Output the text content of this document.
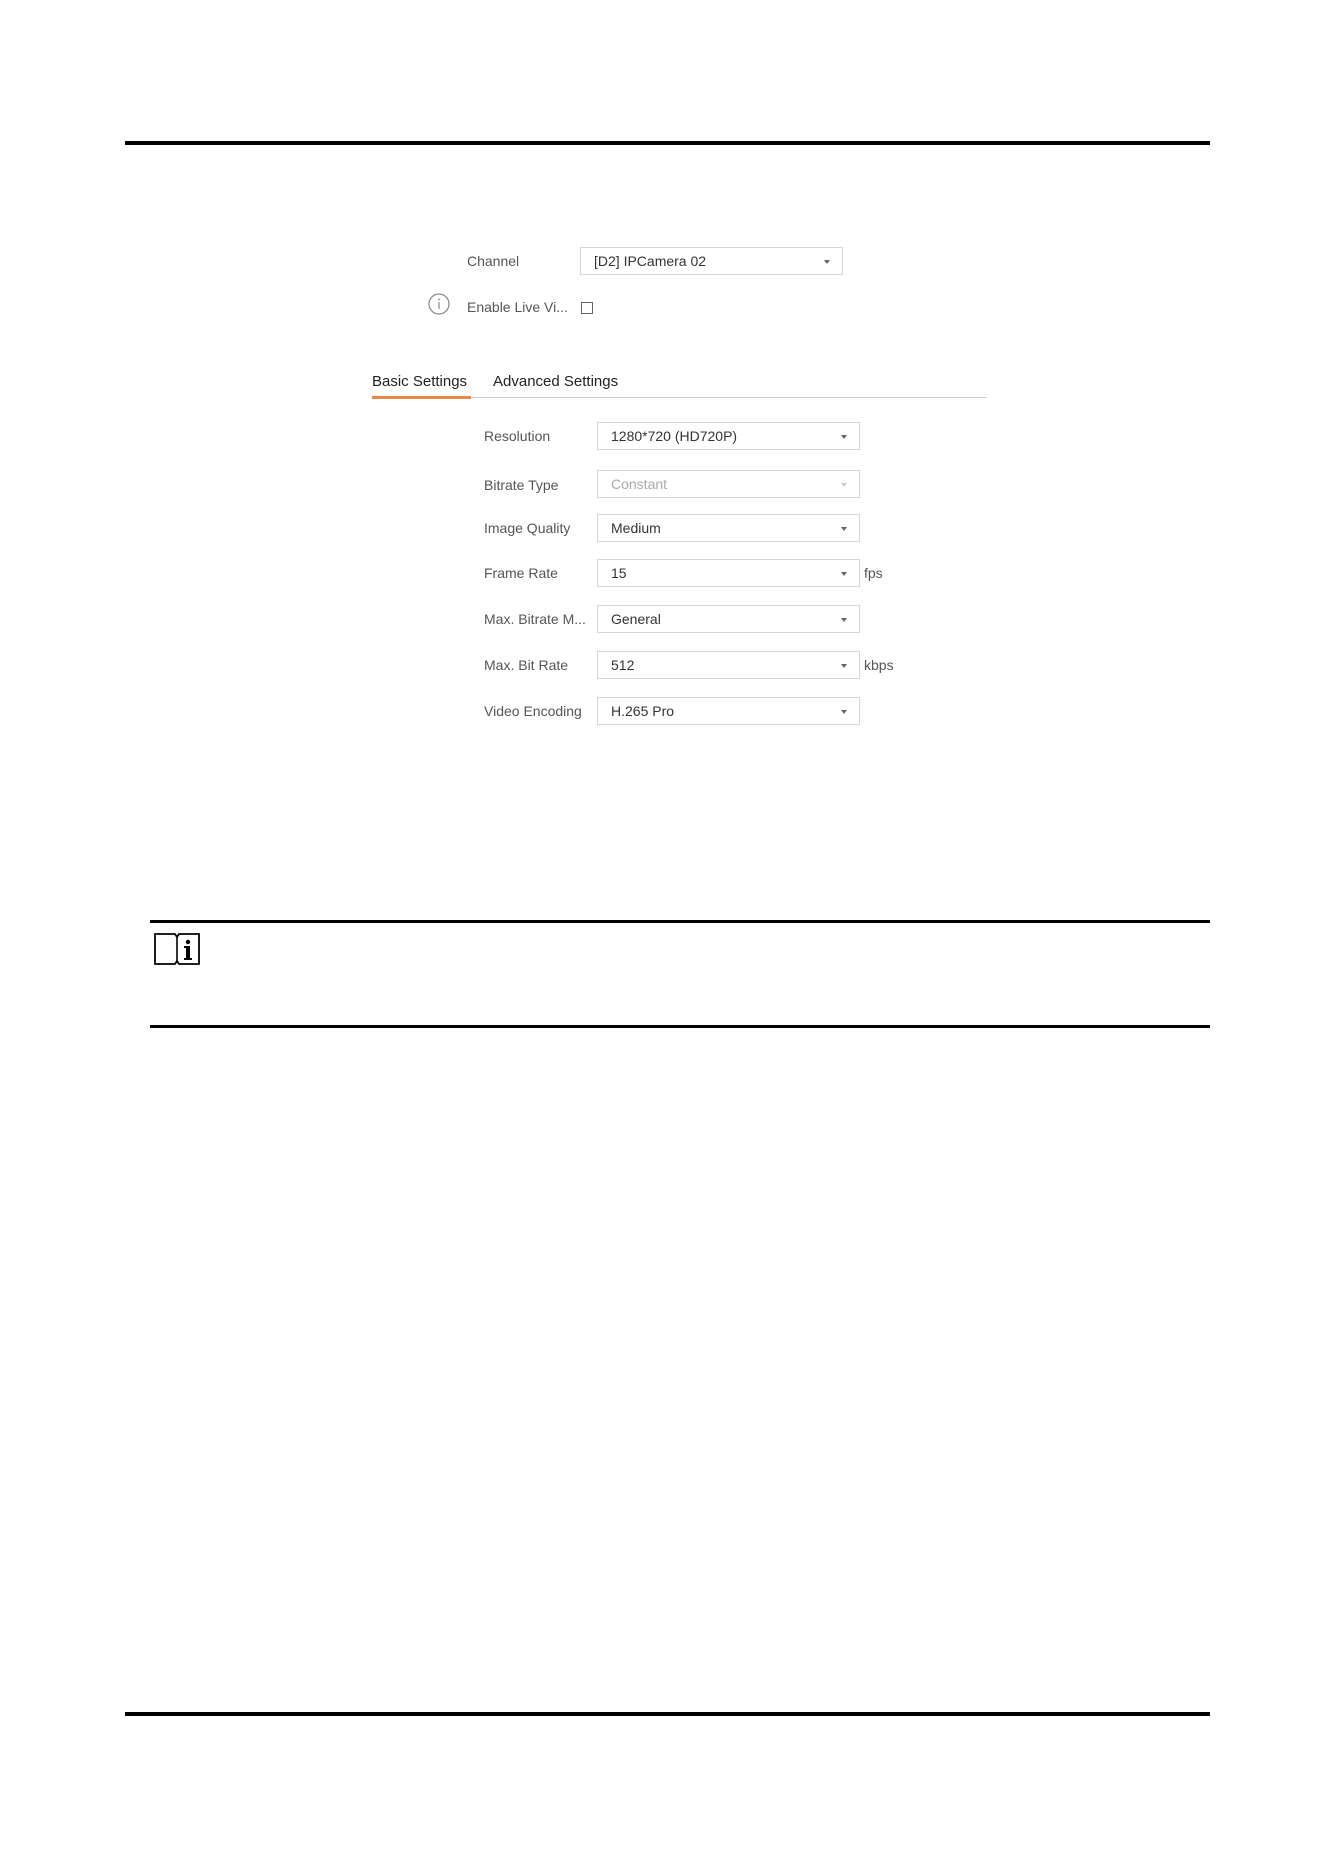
Channel	[D2] IPCamera 02
Enable Live Vi...
Basic Settings Advanced Settings
Resolution	1280*720 (HD720P)
Bitrate Type	Constant
Image Quality	Medium
Frame Rate	15	fps
Max. Bitrate M... General
Max. Bit Rate	512	kbps
Video Encoding H.265 Pro
